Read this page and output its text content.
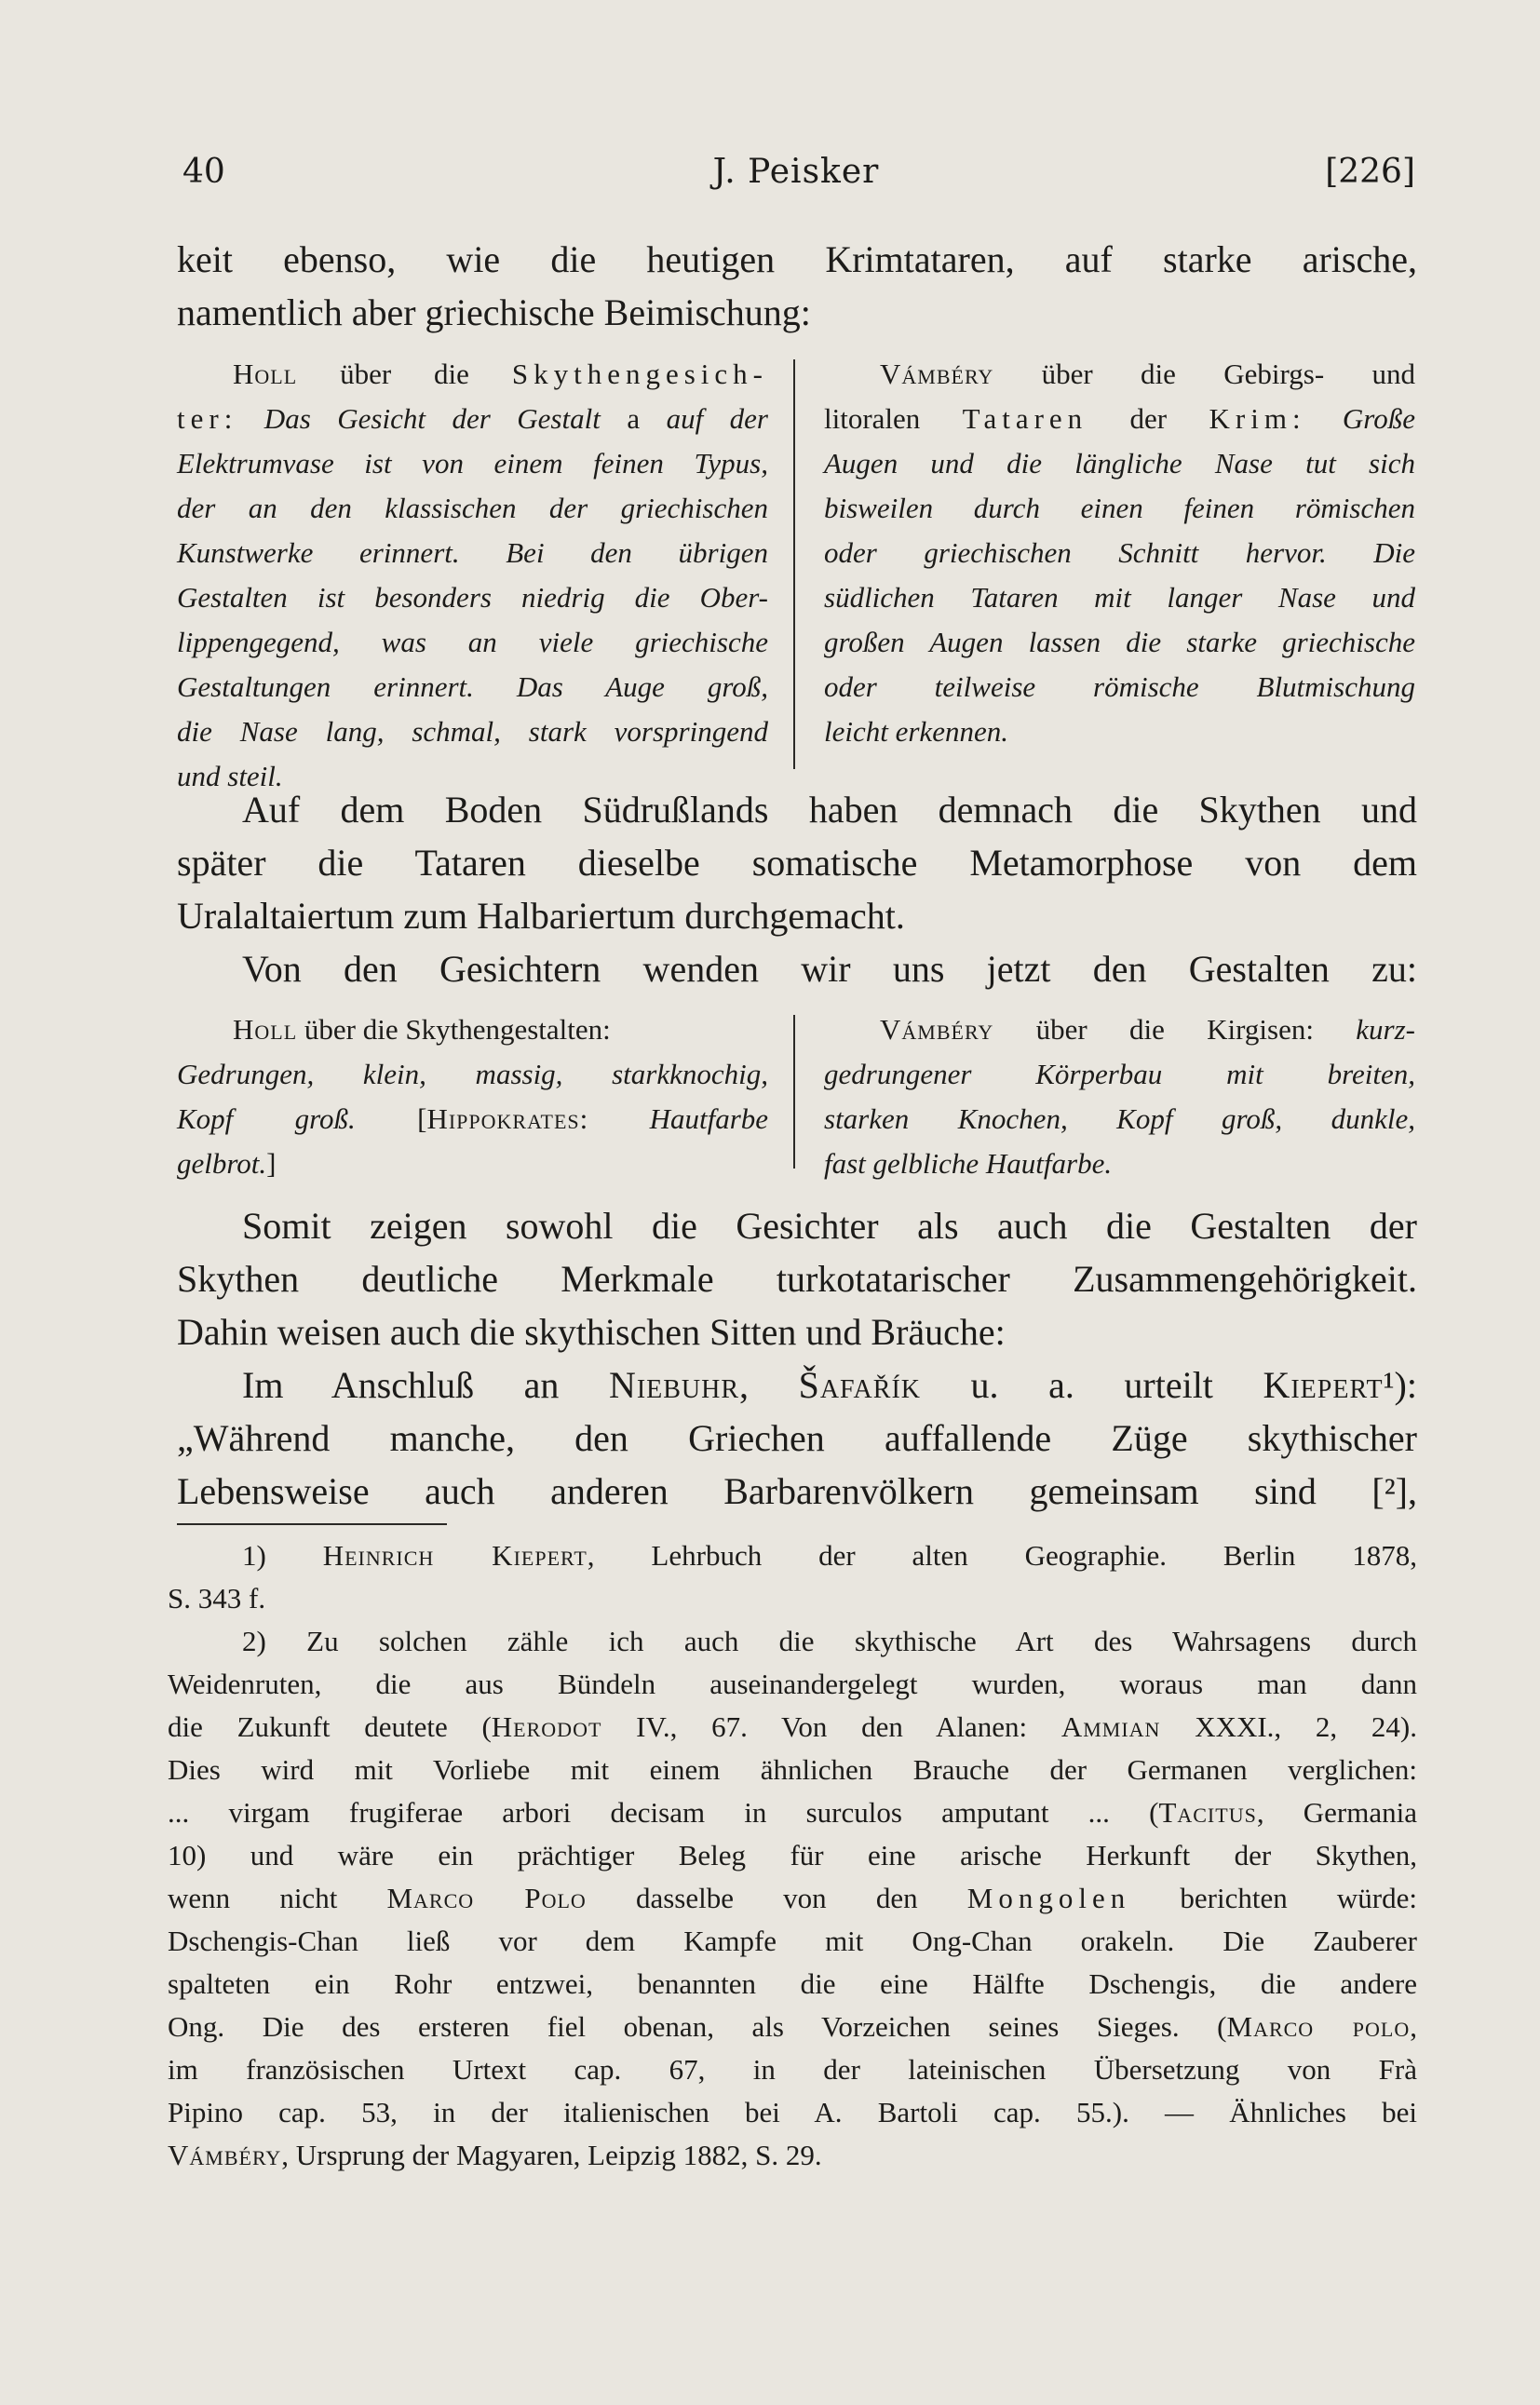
40	J. Peisker	[226]
keit ebenso, wie die heutigen Krimtataren, auf starke arische,
namentlich aber griechische Beimischung:
Holl über die Skythengesich-
ter: Das Gesicht der Gestalt a auf der
Elektrumvase ist von einem feinen Typus,
der an den klassischen der griechischen
Kunstwerke erinnert. Bei den übrigen
Gestalten ist besonders niedrig die Ober-
lippengegend, was an viele griechische
Gestaltungen erinnert. Das Auge groß,
die Nase lang, schmal, stark vorspringend
und steil.
Vámbéry über die Gebirgs- und
litoralen Tataren der Krim: Große
Augen und die längliche Nase tut sich
bisweilen durch einen feinen römischen
oder griechischen Schnitt hervor. Die
südlichen Tataren mit langer Nase und
großen Augen lassen die starke griechische
oder teilweise römische Blutmischung
leicht erkennen.
Auf dem Boden Südrußlands haben demnach die Skythen und
später die Tataren dieselbe somatische Metamorphose von dem
Uralaltaiertum zum Halbariertum durchgemacht.
Von den Gesichtern wenden wir uns jetzt den Gestalten zu:
Holl über die Skythengestalten:
Gedrungen, klein, massig, starkknochig,
Kopf groß. [Hippokrates: Hautfarbe
gelbrot.]
Vámbéry über die Kirgisen: kurz-
gedrungener Körperbau mit breiten,
starken Knochen, Kopf groß, dunkle,
fast gelbliche Hautfarbe.
Somit zeigen sowohl die Gesichter als auch die Gestalten der
Skythen deutliche Merkmale turkotatarischer Zusammengehörigkeit.
Dahin weisen auch die skythischen Sitten und Bräuche:
Im Anschluß an Niebuhr, Šafařík u. a. urteilt Kiepert¹):
„Während manche, den Griechen auffallende Züge skythischer
Lebensweise auch anderen Barbarenvölkern gemeinsam sind [²],
1) Heinrich Kiepert, Lehrbuch der alten Geographie. Berlin 1878,
S. 343 f.
2) Zu solchen zähle ich auch die skythische Art des Wahrsagens durch
Weidenruten, die aus Bündeln auseinandergelegt wurden, woraus man dann
die Zukunft deutete (Herodot IV., 67. Von den Alanen: Ammian XXXI., 2, 24).
Dies wird mit Vorliebe mit einem ähnlichen Brauche der Germanen verglichen:
... virgam frugiferae arbori decisam in surculos amputant ... (Tacitus, Germania
10) und wäre ein prächtiger Beleg für eine arische Herkunft der Skythen,
wenn nicht Marco Polo dasselbe von den Mongolen berichten würde:
Dschengis-Chan ließ vor dem Kampfe mit Ong-Chan orakeln. Die Zauberer
spalteten ein Rohr entzwei, benannten die eine Hälfte Dschengis, die andere
Ong. Die des ersteren fiel obenan, als Vorzeichen seines Sieges. (Marco polo,
im französischen Urtext cap. 67, in der lateinischen Übersetzung von Frà
Pipino cap. 53, in der italienischen bei A. Bartoli cap. 55.). — Ähnliches bei
Vámbéry, Ursprung der Magyaren, Leipzig 1882, S. 29.
